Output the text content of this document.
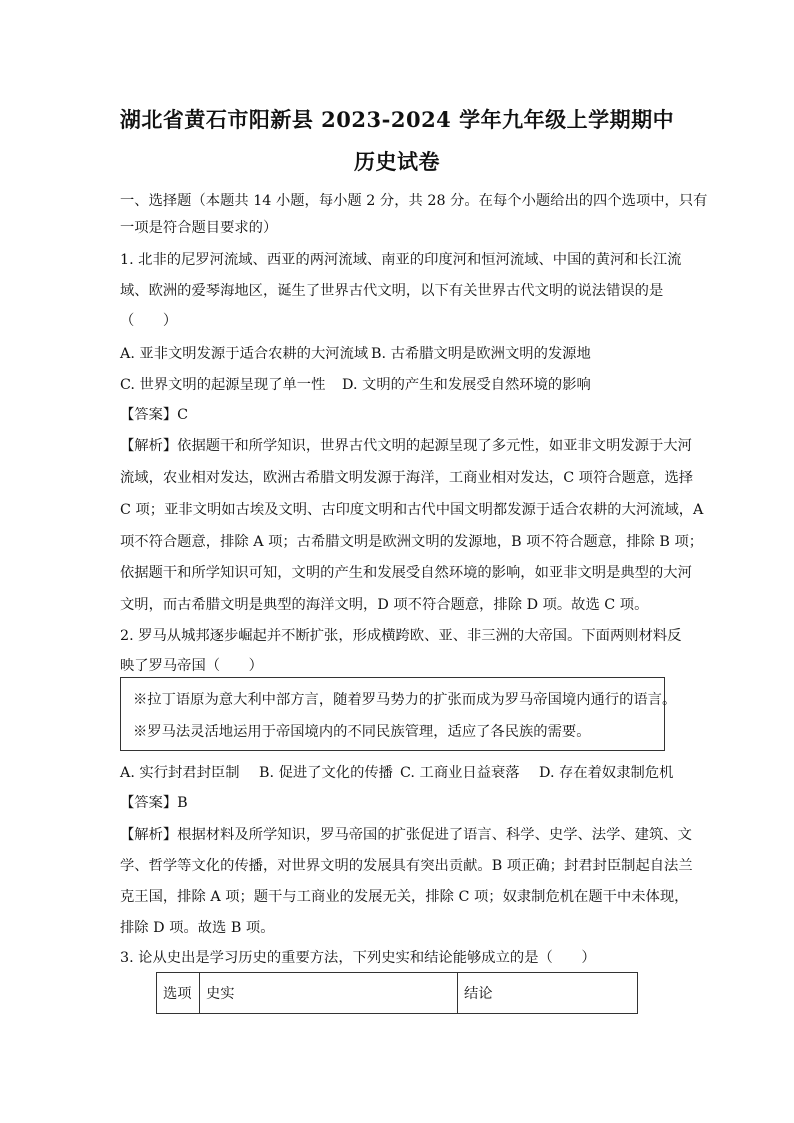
湖北省黄石市阳新县 2023-2024 学年九年级上学期期中
历史试卷
一、选择题（本题共 14 小题，每小题 2 分，共 28 分。在每个小题给出的四个选项中，只有
一项是符合题目要求的）
1. 北非的尼罗河流域、西亚的两河流域、南亚的印度河和恒河流域、中国的黄河和长江流
域、欧洲的爱琴海地区，诞生了世界古代文明，以下有关世界古代文明的说法错误的是
（　　）
A. 亚非文明发源于适合农耕的大河流域 B. 古希腊文明是欧洲文明的发源地
C. 世界文明的起源呈现了单一性 D. 文明的产生和发展受自然环境的影响
【答案】C
【解析】依据题干和所学知识，世界古代文明的起源呈现了多元性，如亚非文明发源于大河
流域，农业相对发达，欧洲古希腊文明发源于海洋，工商业相对发达，C 项符合题意，选择
C 项；亚非文明如古埃及文明、古印度文明和古代中国文明都发源于适合农耕的大河流域，A
项不符合题意，排除 A 项；古希腊文明是欧洲文明的发源地，B 项不符合题意，排除 B 项；
依据题干和所学知识可知，文明的产生和发展受自然环境的影响，如亚非文明是典型的大河
文明，而古希腊文明是典型的海洋文明，D 项不符合题意，排除 D 项。故选 C 项。
2. 罗马从城邦逐步崛起并不断扩张，形成横跨欧、亚、非三洲的大帝国。下面两则材料反
映了罗马帝国（　　）
※拉丁语原为意大利中部方言，随着罗马势力的扩张而成为罗马帝国境内通行的语言。
※罗马法灵活地运用于帝国境内的不同民族管理，适应了各民族的需要。
A. 实行封君封臣制 B. 促进了文化的传播 C. 工商业日益衰落 D. 存在着奴隶制危机
【答案】B
【解析】根据材料及所学知识，罗马帝国的扩张促进了语言、科学、史学、法学、建筑、文
学、哲学等文化的传播，对世界文明的发展具有突出贡献。B 项正确；封君封臣制起自法兰
克王国，排除 A 项；题干与工商业的发展无关，排除 C 项；奴隶制危机在题干中未体现，
排除 D 项。故选 B 项。
3. 论从史出是学习历史的重要方法，下列史实和结论能够成立的是（　　）
选项	史实	结论
